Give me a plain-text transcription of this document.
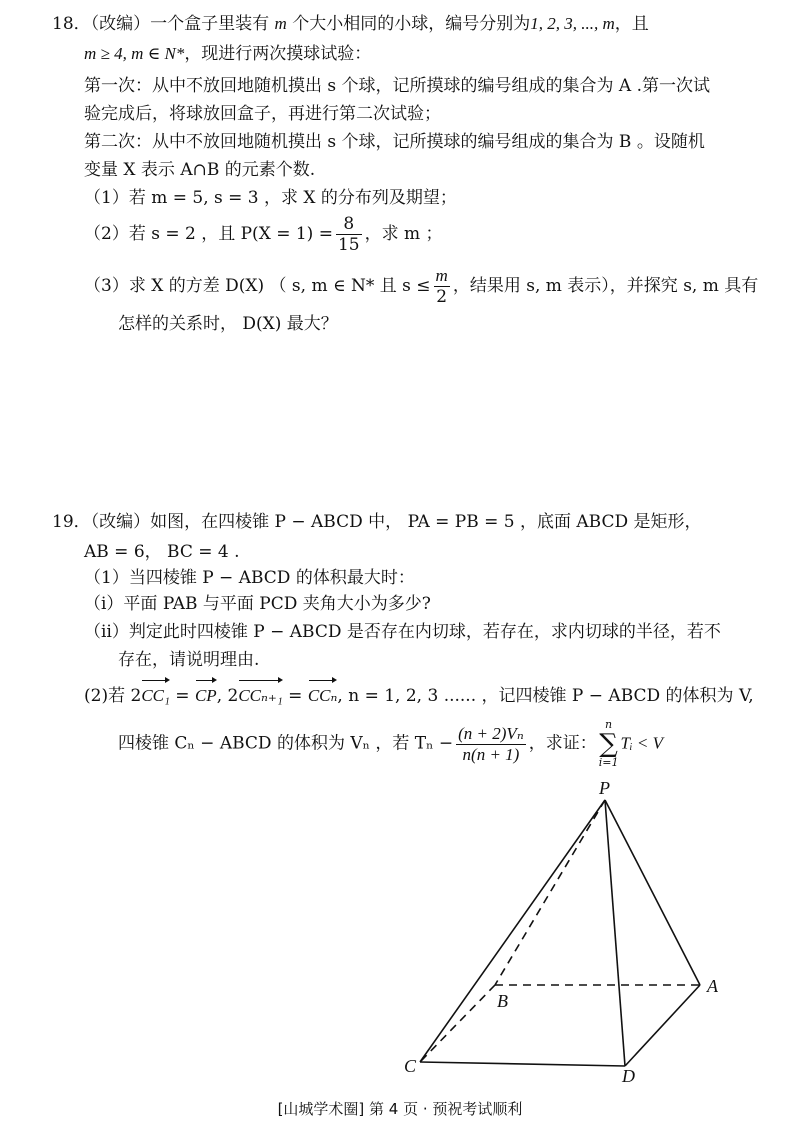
18．（改编）一个盒子里装有 m 个大小相同的小球，编号分别为1, 2, 3, ..., m，且
m ≥ 4, m ∈ N*，现进行两次摸球试验：
第一次：从中不放回地随机摸出 s 个球，记所摸球的编号组成的集合为 A .第一次试
验完成后，将球放回盒子，再进行第二次试验；
第二次：从中不放回地随机摸出 s 个球，记所摸球的编号组成的集合为 B 。设随机
变量 X 表示 A∩B 的元素个数.
（1）若 m = 5, s = 3 ，求 X 的分布列及期望；
（2）若 s = 2 ，且 $P(X = 1) = \frac{8}{15}$ ，求 m ；
（3）求 X 的方差 D(X) （ s, m ∈ N* 且 $s \le \frac{m}{2}$ ，结果用 s, m 表示），并探究 s, m 具有
怎样的关系时， D(X) 最大？
19．（改编）如图，在四棱锥 P − ABCD 中， PA = PB = 5 ，底面 ABCD 是矩形，
AB = 6， BC = 4 .
（1）当四棱锥 P − ABCD 的体积最大时：
（ⅰ）平面 PAB 与平面 PCD 夹角大小为多少?
（ⅱ）判定此时四棱锥 P − ABCD 是否存在内切球，若存在，求内切球的半径，若不
存在，请说明理由.
(2)若 2CC₁ = CP, 2CCₙ₊₁ = CCₙ, n = 1, 2, 3 ...... ，记四棱锥 P − ABCD 的体积为 V,
四棱锥 Cₙ − ABCD 的体积为 Vₙ ，若 $T_n - \frac{\text{(n + 2)Vₙ}}{n(n + 1)}$ ，求证：
n
∑
i=1
Tᵢ < V
P
A
B
C	D
[山城学术圈] 第 4 页 · 预祝考试顺利
